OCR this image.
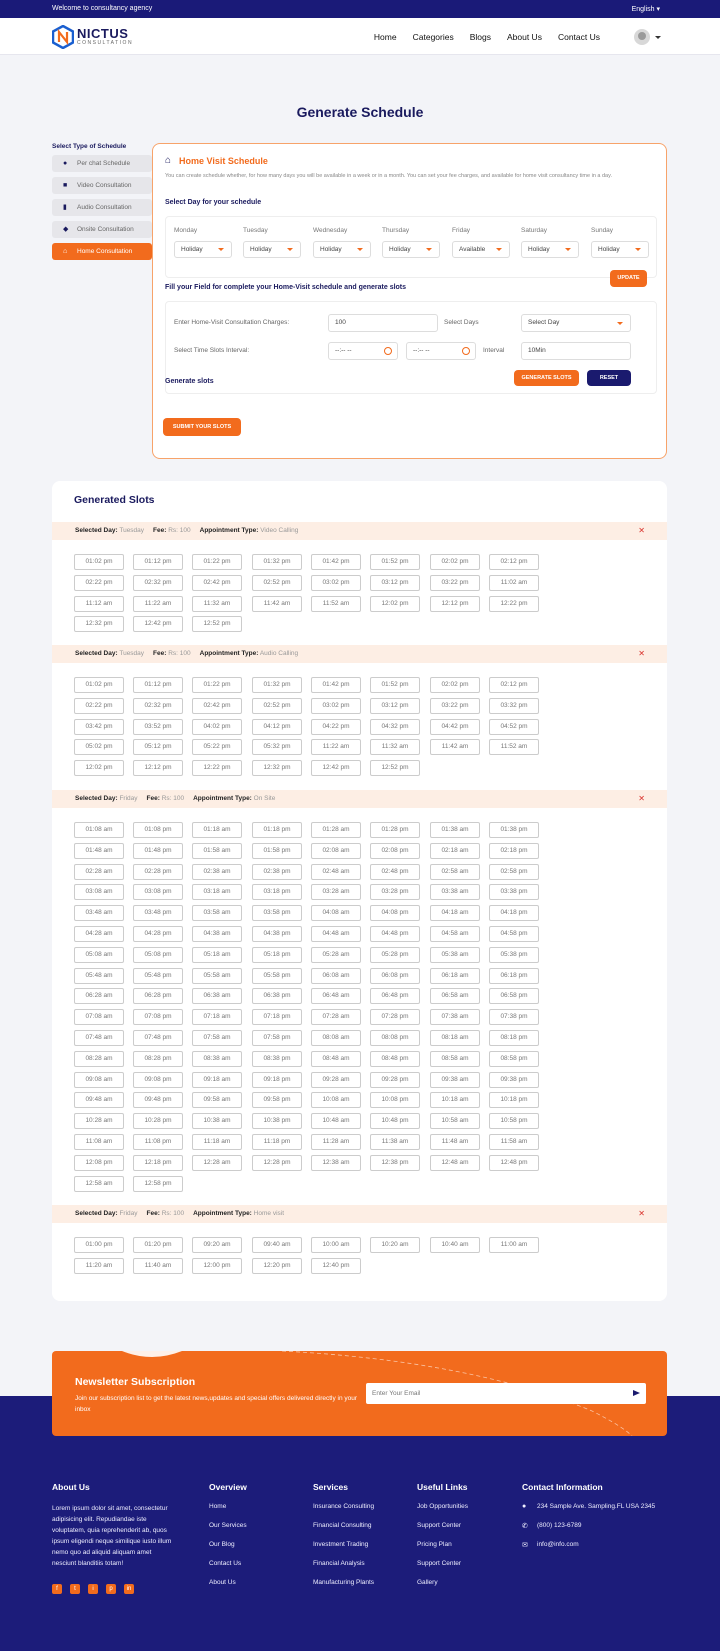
Welcome to consultancy agency	English ▾
NICTUS
CONSULTATION
Home Categories Blogs About Us Contact Us
Generate Schedule
Select Type of Schedule
●	Per chat Schedule
■	Video Consultation
▮	Audio Consultation
◆	Onsite Consultation
⌂	Home Consultation
⌂ Home Visit Schedule
You can create schedule whether, for how many days you will be available in a week or in a month. You can set your fee charges, and available for home visit consultancy time in a day.
Select Day for your schedule
Monday
Holiday
Tuesday
Holiday
Wednesday
Holiday
Thursday
Holiday
Friday
Available
Saturday
Holiday
Sunday
Holiday
UPDATE
Fill your Field for complete your Home-Visit schedule and generate slots
Enter Home-Visit Consultation Charges:	100	Select Days	Select Day
Select Time Slots Interval:	--:-- --	--:-- --	Interval	10Min
GENERATE SLOTS	RESET
Generate slots
SUBMIT YOUR SLOTS
Generated Slots
Selected Day: Tuesday Fee: Rs: 100 Appointment Type: Video Calling	✕
01:02 pm	01:12 pm	01:22 pm	01:32 pm	01:42 pm	01:52 pm	02:02 pm	02:12 pm
02:22 pm	02:32 pm	02:42 pm	02:52 pm	03:02 pm	03:12 pm	03:22 pm	11:02 am
11:12 am	11:22 am	11:32 am	11:42 am	11:52 am	12:02 pm	12:12 pm	12:22 pm
12:32 pm	12:42 pm	12:52 pm
Selected Day: Tuesday Fee: Rs: 100 Appointment Type: Audio Calling	✕
01:02 pm	01:12 pm	01:22 pm	01:32 pm	01:42 pm	01:52 pm	02:02 pm	02:12 pm
02:22 pm	02:32 pm	02:42 pm	02:52 pm	03:02 pm	03:12 pm	03:22 pm	03:32 pm
03:42 pm	03:52 pm	04:02 pm	04:12 pm	04:22 pm	04:32 pm	04:42 pm	04:52 pm
05:02 pm	05:12 pm	05:22 pm	05:32 pm	11:22 am	11:32 am	11:42 am	11:52 am
12:02 pm	12:12 pm	12:22 pm	12:32 pm	12:42 pm	12:52 pm
Selected Day: Friday Fee: Rs: 100 Appointment Type: On Site	✕
01:08 am	01:08 pm	01:18 am	01:18 pm	01:28 am	01:28 pm	01:38 am	01:38 pm
01:48 am	01:48 pm	01:58 am	01:58 pm	02:08 am	02:08 pm	02:18 am	02:18 pm
02:28 am	02:28 pm	02:38 am	02:38 pm	02:48 am	02:48 pm	02:58 am	02:58 pm
03:08 am	03:08 pm	03:18 am	03:18 pm	03:28 am	03:28 pm	03:38 am	03:38 pm
03:48 am	03:48 pm	03:58 am	03:58 pm	04:08 am	04:08 pm	04:18 am	04:18 pm
04:28 am	04:28 pm	04:38 am	04:38 pm	04:48 am	04:48 pm	04:58 am	04:58 pm
05:08 am	05:08 pm	05:18 am	05:18 pm	05:28 am	05:28 pm	05:38 am	05:38 pm
05:48 am	05:48 pm	05:58 am	05:58 pm	06:08 am	06:08 pm	06:18 am	06:18 pm
06:28 am	06:28 pm	06:38 am	06:38 pm	06:48 am	06:48 pm	06:58 am	06:58 pm
07:08 am	07:08 pm	07:18 am	07:18 pm	07:28 am	07:28 pm	07:38 am	07:38 pm
07:48 am	07:48 pm	07:58 am	07:58 pm	08:08 am	08:08 pm	08:18 am	08:18 pm
08:28 am	08:28 pm	08:38 am	08:38 pm	08:48 am	08:48 pm	08:58 am	08:58 pm
09:08 am	09:08 pm	09:18 am	09:18 pm	09:28 am	09:28 pm	09:38 am	09:38 pm
09:48 am	09:48 pm	09:58 am	09:58 pm	10:08 am	10:08 pm	10:18 am	10:18 pm
10:28 am	10:28 pm	10:38 am	10:38 pm	10:48 am	10:48 pm	10:58 am	10:58 pm
11:08 am	11:08 pm	11:18 am	11:18 pm	11:28 am	11:38 am	11:48 am	11:58 am
12:08 pm	12:18 pm	12:28 am	12:28 pm	12:38 am	12:38 pm	12:48 am	12:48 pm
12:58 am	12:58 pm
Selected Day: Friday Fee: Rs: 100 Appointment Type: Home visit	✕
01:00 pm	01:20 pm	09:20 am	09:40 am	10:00 am	10:20 am	10:40 am	11:00 am
11:20 am	11:40 am	12:00 pm	12:20 pm	12:40 pm
About Us
Lorem ipsum dolor sit amet, consectetur adipisicing elit. Repudiandae iste voluptatem, quia reprehenderit ab, quos ipsum eligendi neque similique iusto illum nemo quo ad aliquid aliquam amet nesciunt blanditiis totam!
f	t	i	p	in
Overview
Home
Our Services
Our Blog
Contact Us
About Us
Services
Insurance Consulting
Financial Consulting
Investment Trading
Financial Analysis
Manufacturing Plants
Useful Links
Job Opportunities
Support Center
Pricing Plan
Support Center
Gallery
Contact Information
● 234 Sample Ave. Sampling.FL USA 2345
✆ (800) 123-6789
✉ info@info.com
Newsletter Subscription
Join our subscription list to get the latest news,updates and special offers delivered directly in your inbox
Enter Your Email
